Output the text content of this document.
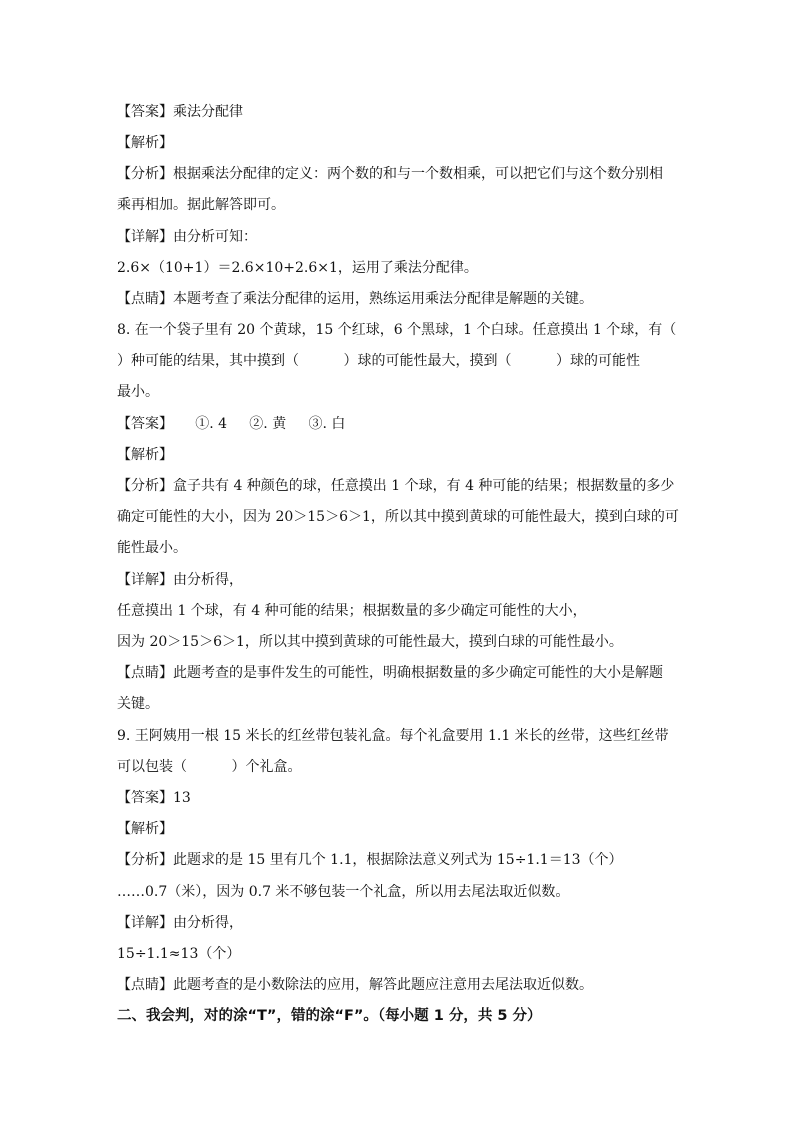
【答案】乘法分配律
【解析】
【分析】根据乘法分配律的定义：两个数的和与一个数相乘，可以把它们与这个数分别相
乘再相加。据此解答即可。
【详解】由分析可知：
2.6×（10+1）＝2.6×10+2.6×1，运用了乘法分配律。
【点睛】本题考查了乘法分配律的运用，熟练运用乘法分配律是解题的关键。
8. 在一个袋子里有 20 个黄球，15 个红球，6 个黑球，1 个白球。任意摸出 1 个球，有（
）种可能的结果，其中摸到（          ）球的可能性最大，摸到（          ）球的可能性
最小。
【答案】     ①. 4     ②. 黄     ③. 白
【解析】
【分析】盒子共有 4 种颜色的球，任意摸出 1 个球，有 4 种可能的结果；根据数量的多少
确定可能性的大小，因为 20＞15＞6＞1，所以其中摸到黄球的可能性最大，摸到白球的可
能性最小。
【详解】由分析得，
任意摸出 1 个球，有 4 种可能的结果；根据数量的多少确定可能性的大小，
因为 20＞15＞6＞1，所以其中摸到黄球的可能性最大，摸到白球的可能性最小。
【点睛】此题考查的是事件发生的可能性，明确根据数量的多少确定可能性的大小是解题
关键。
9. 王阿姨用一根 15 米长的红丝带包装礼盒。每个礼盒要用 1.1 米长的丝带，这些红丝带
可以包装（          ）个礼盒。
【答案】13
【解析】
【分析】此题求的是 15 里有几个 1.1，根据除法意义列式为 15÷1.1＝13（个）
……0.7（米），因为 0.7 米不够包装一个礼盒，所以用去尾法取近似数。
【详解】由分析得，
15÷1.1≈13（个）
【点睛】此题考查的是小数除法的应用，解答此题应注意用去尾法取近似数。
二、我会判，对的涂“T”，错的涂“F”。（每小题 1 分，共 5 分）
